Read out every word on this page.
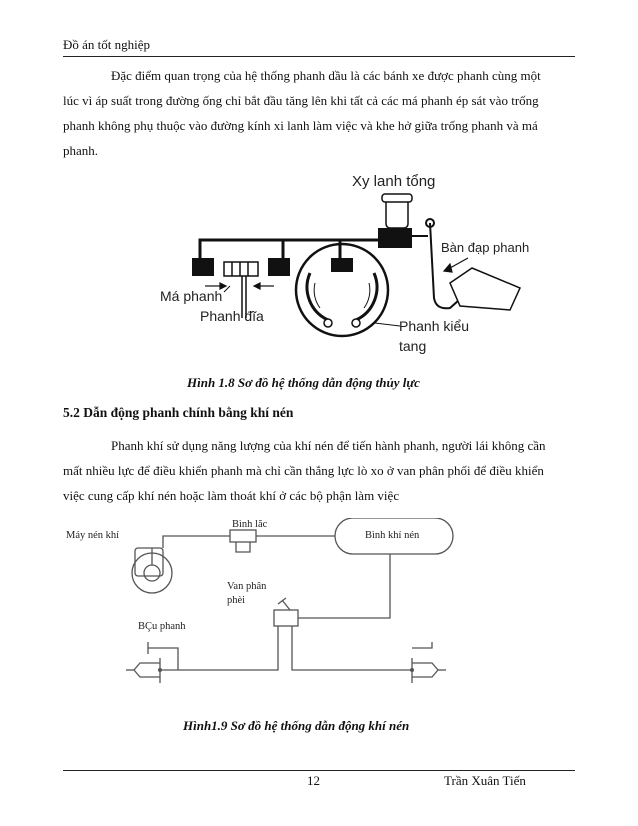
Đồ án tốt nghiệp
Đặc điểm quan trọng của hệ thống phanh dầu là các bánh xe được phanh cùng một
lúc vì áp suất trong đường ống chỉ bắt đầu tăng lên khi tất cả các má phanh ép sát vào trống
phanh không phụ thuộc vào đường kính xi lanh làm việc và khe hở giữa trống phanh và má
phanh.
Xy lanh tổng
Bàn đạp phanh
Má phanh
Phanh đĩa
Phanh kiểu
tang
Hình 1.8 Sơ đồ hệ thống dẫn động thủy lực
5.2 Dẫn động phanh chính bằng khí nén
Phanh khí sử dụng năng lượng của khí nén để tiến hành phanh, người lái không cần
mất nhiều lực để điều khiển phanh mà chỉ cần thắng lực lò xo ở van phân phối để điều khiển
việc cung cấp khí nén hoặc làm thoát khí ở các bộ phận làm việc
Máy nén khí
Bình lăc
Bình khí nén
Van phân
phèi
BÇu phanh
Hình1.9 Sơ đồ hệ thống dẫn động khí nén
12	Trần Xuân Tiến
